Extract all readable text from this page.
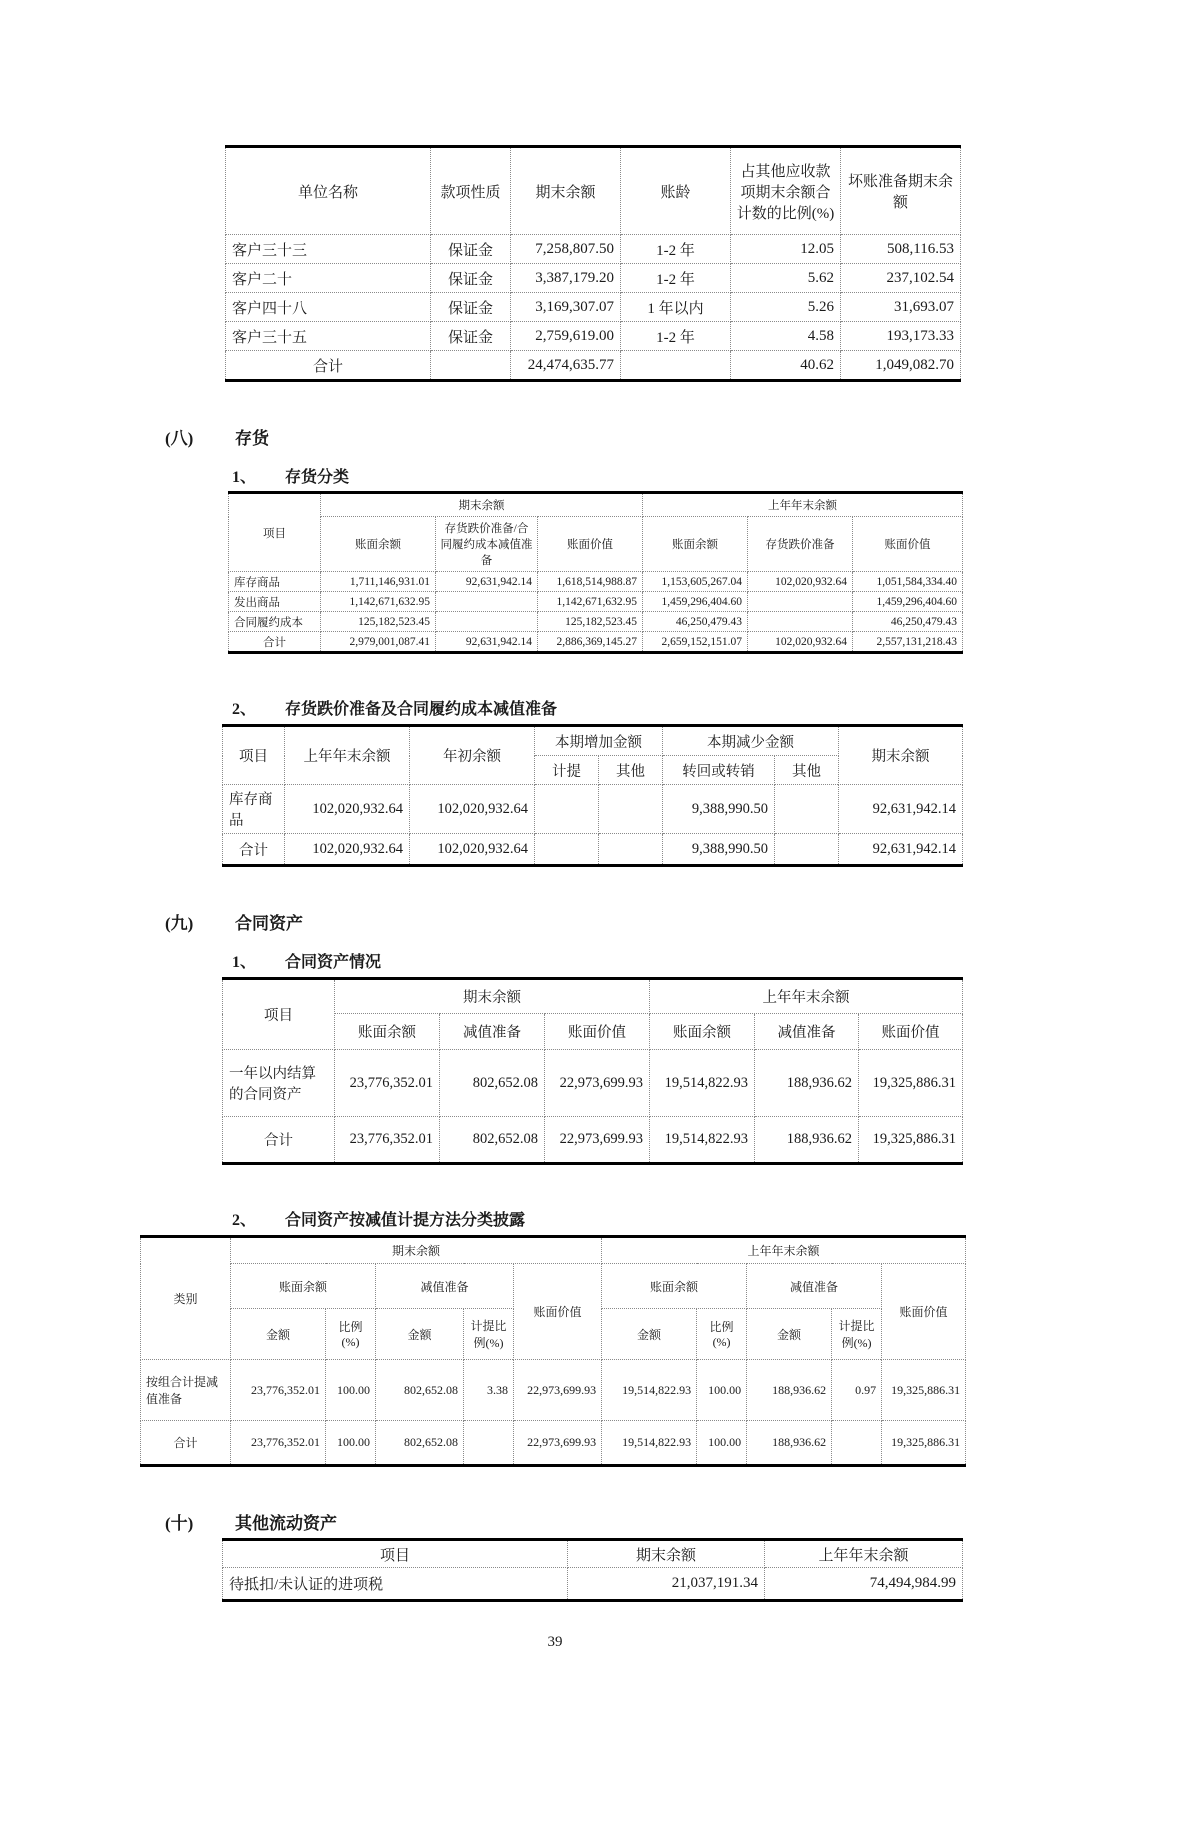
单位名称	款项性质	期末余额	账龄	占其他应收款项期末余额合计数的比例(%)	坏账准备期末余额
客户三十三	保证金	7,258,807.50	1-2 年	12.05	508,116.53
客户二十	保证金	3,387,179.20	1-2 年	5.62	237,102.54
客户四十八	保证金	3,169,307.07	1 年以内	5.26	31,693.07
客户三十五	保证金	2,759,619.00	1-2 年	4.58	193,173.33
合计		24,474,635.77		40.62	1,049,082.70
(八)	存货
1、	存货分类
项目	期末余额			上年年末余额		
	账面余额	存货跌价准备/合同履约成本减值准备	账面价值	账面余额	存货跌价准备	账面价值
库存商品	1,711,146,931.01	92,631,942.14	1,618,514,988.87	1,153,605,267.04	102,020,932.64	1,051,584,334.40
发出商品	1,142,671,632.95		1,142,671,632.95	1,459,296,404.60		1,459,296,404.60
合同履约成本	125,182,523.45		125,182,523.45	46,250,479.43		46,250,479.43
合计	2,979,001,087.41	92,631,942.14	2,886,369,145.27	2,659,152,151.07	102,020,932.64	2,557,131,218.43
2、	存货跌价准备及合同履约成本减值准备
项目	上年年末余额	年初余额	本期增加金额		本期减少金额		期末余额
			计提	其他	转回或转销	其他	
库存商品	102,020,932.64	102,020,932.64			9,388,990.50		92,631,942.14
合计	102,020,932.64	102,020,932.64			9,388,990.50		92,631,942.14
(九)	合同资产
1、	合同资产情况
项目	期末余额			上年年末余额		
	账面余额	减值准备	账面价值	账面余额	减值准备	账面价值
一年以内结算的合同资产	23,776,352.01	802,652.08	22,973,699.93	19,514,822.93	188,936.62	19,325,886.31
合计	23,776,352.01	802,652.08	22,973,699.93	19,514,822.93	188,936.62	19,325,886.31
2、	合同资产按减值计提方法分类披露
类别	期末余额					上年年末余额				
	账面余额		减值准备		账面价值	账面余额		减值准备		账面价值
	金额	比例(%)	金额	计提比例(%)		金额	比例(%)	金额	计提比例(%)	
按组合计提减值准备	23,776,352.01	100.00	802,652.08	3.38	22,973,699.93	19,514,822.93	100.00	188,936.62	0.97	19,325,886.31
合计	23,776,352.01	100.00	802,652.08		22,973,699.93	19,514,822.93	100.00	188,936.62		19,325,886.31
(十)	其他流动资产
项目	期末余额	上年年末余额
待抵扣/未认证的进项税	21,037,191.34	74,494,984.99
39
